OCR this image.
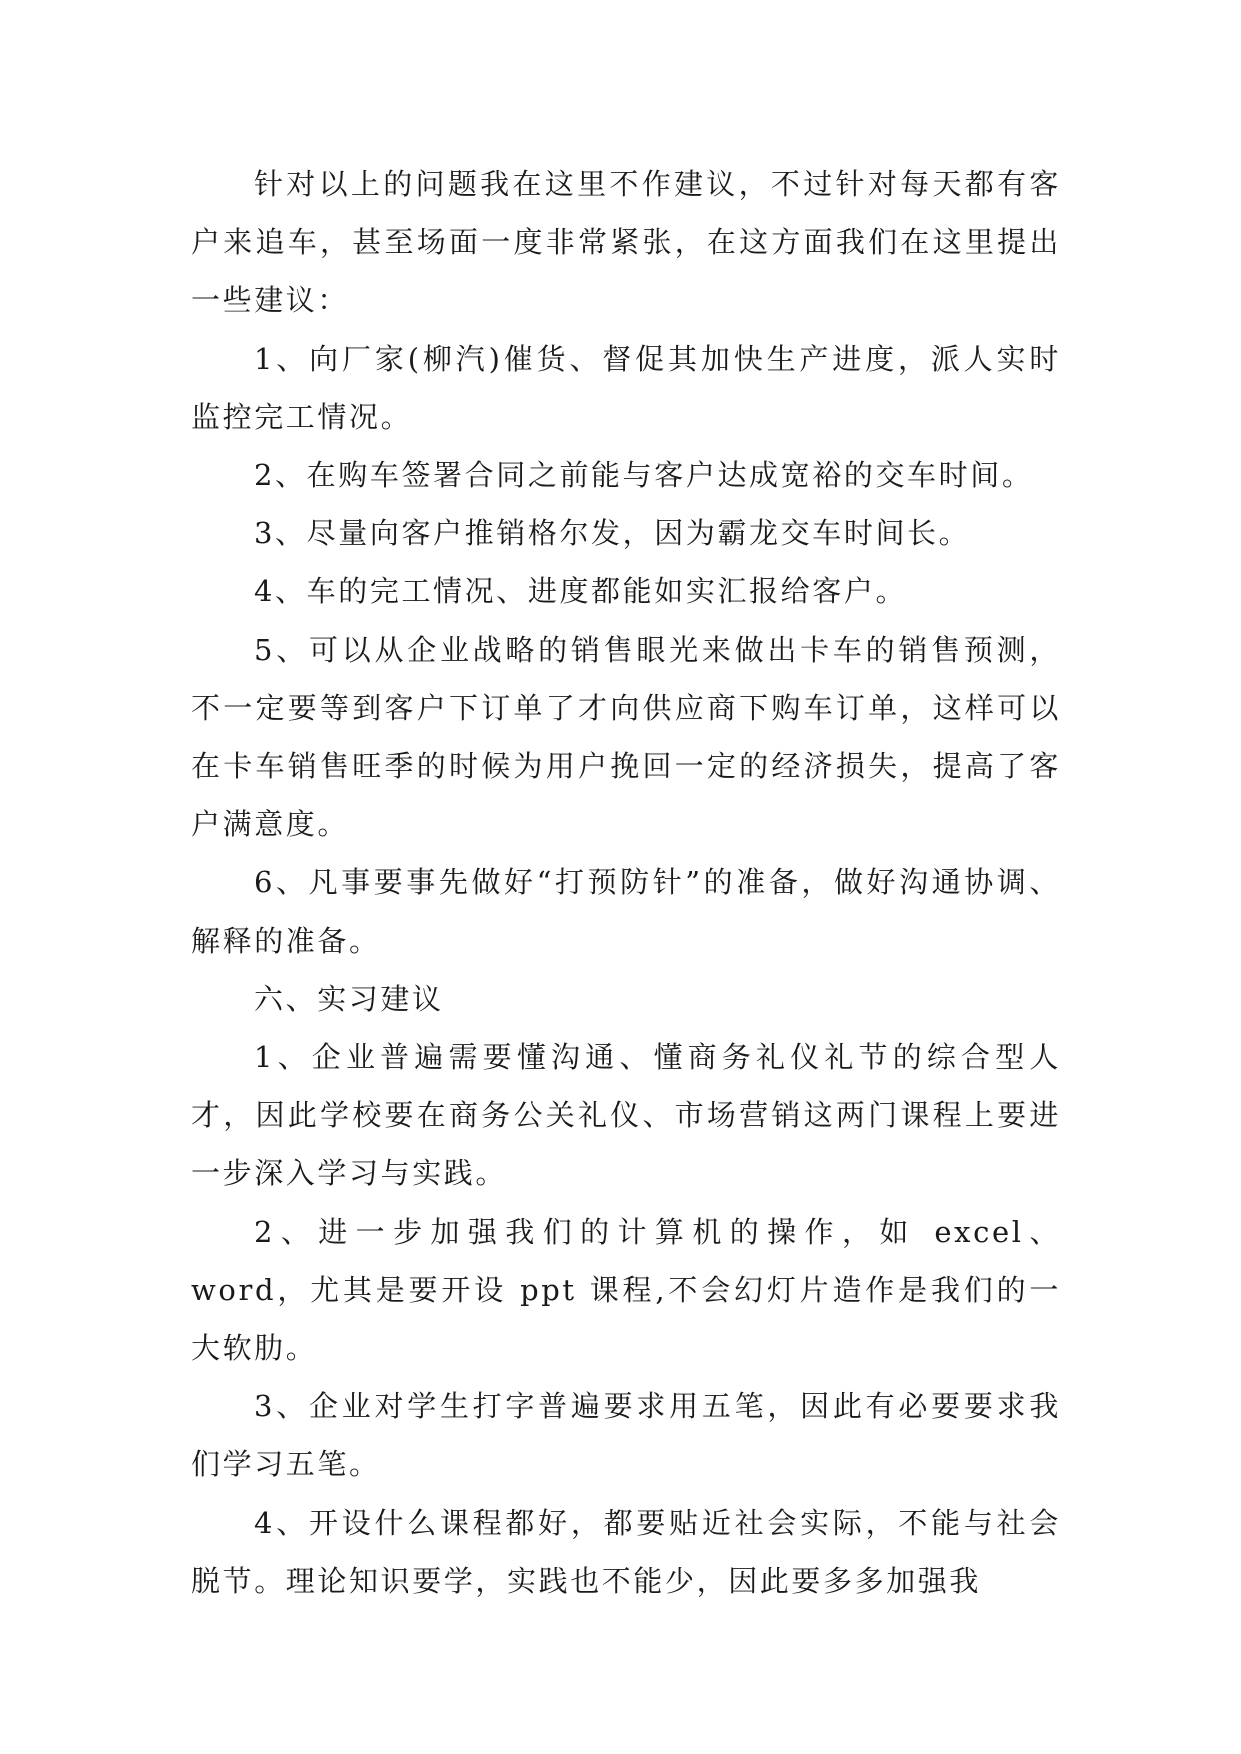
针对以上的问题我在这里不作建议，不过针对每天都有客户来追车，甚至场面一度非常紧张，在这方面我们在这里提出一些建议：

1、向厂家(柳汽)催货、督促其加快生产进度，派人实时监控完工情况。

2、在购车签署合同之前能与客户达成宽裕的交车时间。

3、尽量向客户推销格尔发，因为霸龙交车时间长。

4、车的完工情况、进度都能如实汇报给客户。

5、可以从企业战略的销售眼光来做出卡车的销售预测，不一定要等到客户下订单了才向供应商下购车订单，这样可以在卡车销售旺季的时候为用户挽回一定的经济损失，提高了客户满意度。

6、凡事要事先做好“打预防针”的准备，做好沟通协调、解释的准备。

六、实习建议

1、企业普遍需要懂沟通、懂商务礼仪礼节的综合型人才，因此学校要在商务公关礼仪、市场营销这两门课程上要进一步深入学习与实践。

2、进一步加强我们的计算机的操作，如 excel、word，尤其是要开设 ppt 课程,不会幻灯片造作是我们的一大软肋。

3、企业对学生打字普遍要求用五笔，因此有必要要求我们学习五笔。

4、开设什么课程都好，都要贴近社会实际，不能与社会脱节。理论知识要学，实践也不能少，因此要多多加强我
